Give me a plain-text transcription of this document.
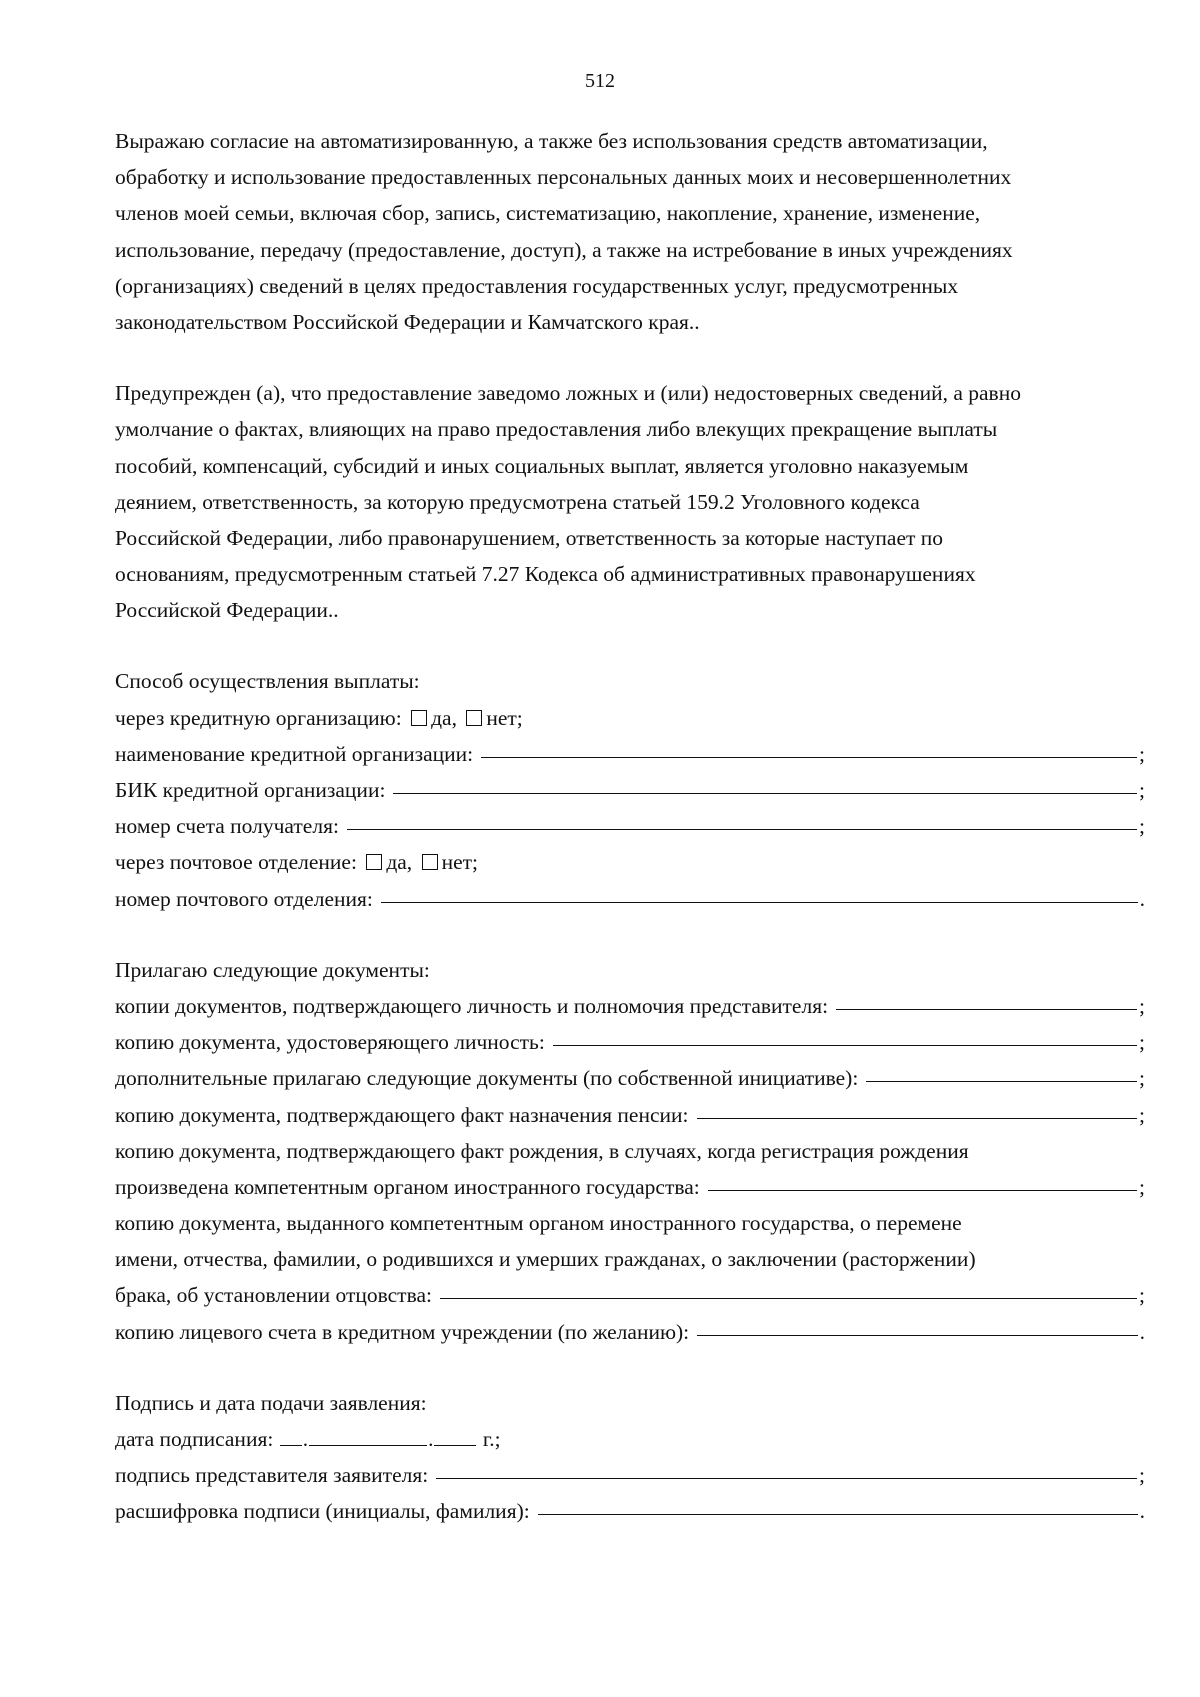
512
Выражаю согласие на автоматизированную, а также без использования средств автоматизации,
обработку и использование предоставленных персональных данных моих и несовершеннолетних
членов моей семьи, включая сбор, запись, систематизацию, накопление, хранение, изменение,
использование, передачу (предоставление, доступ), а также на истребование в иных учреждениях
(организациях) сведений в целях предоставления государственных услуг, предусмотренных
законодательством Российской Федерации и Камчатского края..
Предупрежден (а), что предоставление заведомо ложных и (или) недостоверных сведений, а равно
умолчание о фактах, влияющих на право предоставления либо влекущих прекращение выплаты
пособий, компенсаций, субсидий и иных социальных выплат, является уголовно наказуемым
деянием, ответственность, за которую предусмотрена статьей 159.2 Уголовного кодекса
Российской Федерации, либо правонарушением, ответственность за которые наступает по
основаниям, предусмотренным статьей 7.27 Кодекса об административных правонарушениях
Российской Федерации..
Способ осуществления выплаты:
через кредитную организацию: да, нет;
наименование кредитной организации:	;
БИК кредитной организации:	;
номер счета получателя:	;
через почтовое отделение: да, нет;
номер почтового отделения:	.
Прилагаю следующие документы:
копии документов, подтверждающего личность и полномочия представителя:	;
копию документа, удостоверяющего личность:	;
дополнительные прилагаю следующие документы (по собственной инициативе):	;
копию документа, подтверждающего факт назначения пенсии:	;
копию документа, подтверждающего факт рождения, в случаях, когда регистрация рождения
произведена компетентным органом иностранного государства:	;
копию документа, выданного компетентным органом иностранного государства, о перемене
имени, отчества, фамилии, о родившихся и умерших гражданах, о заключении (расторжении)
брака, об установлении отцовства:	;
копию лицевого счета в кредитном учреждении (по желанию):	.
Подпись и дата подачи заявления:
дата подписания: .	. г.;
подпись представителя заявителя:	;
расшифровка подписи (инициалы, фамилия):	.
